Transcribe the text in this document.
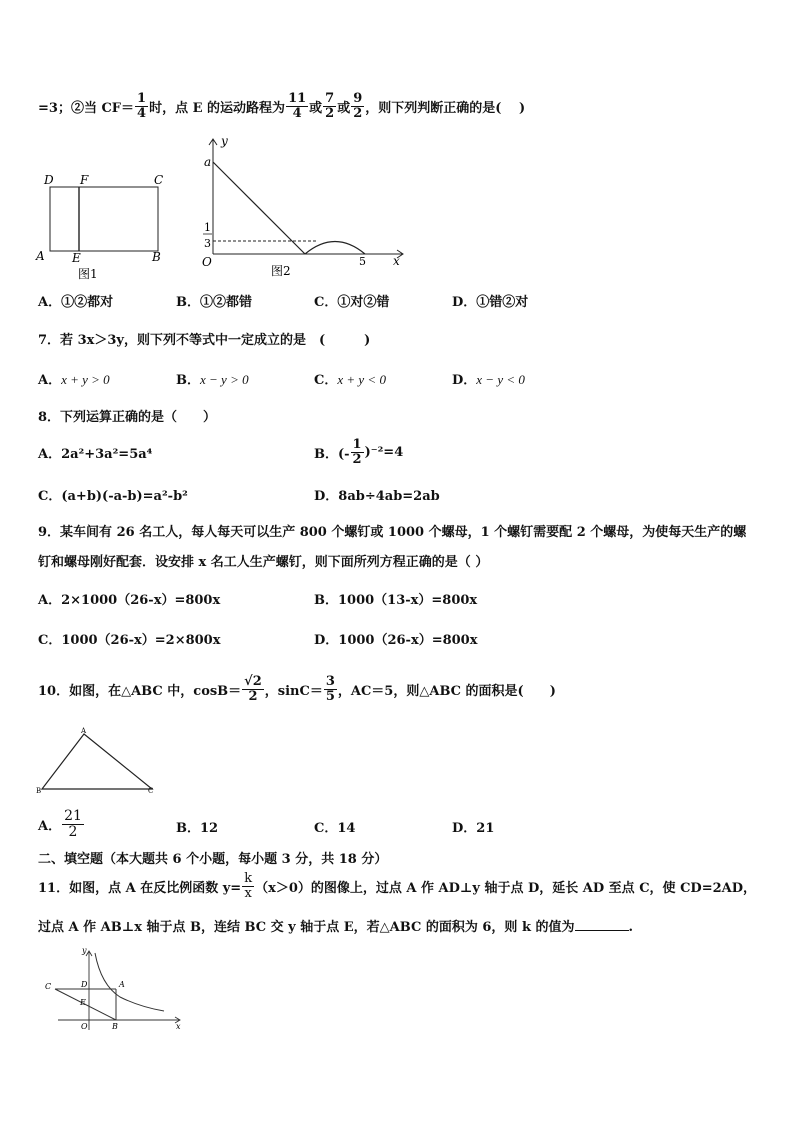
=3；②当 $CF= \frac{1}{4}$ 时，点 E 的运动路程为 $\frac{11}{4}$ 或 $\frac{7}{2}$ 或 $\frac{9}{2}$ ，则下列判断正确的是(　 )
D F	C
A E	B
图1
y
a
1
3
O	5 x
图2
A．①②都对	B．①②都错	C．①对②错	D．①错②对
7．若 3x＞3y，则下列不等式中一定成立的是　(　　　)
A．x + y > 0	B．x − y > 0	C．x + y < 0	D．x − y < 0
8．下列运算正确的是（　　）
A．2a²+3a²=5a⁴	B．(- $\frac{1}{2} )^{-2}=4$
C．(a+b)(-a-b)=a²-b²	D．8ab÷4ab=2ab
9．某车间有 26 名工人，每人每天可以生产 800 个螺钉或 1000 个螺母，1 个螺钉需要配 2 个螺母，为使每天生产的螺
钉和螺母刚好配套．设安排 x 名工人生产螺钉，则下面所列方程正确的是（ ）
A．2×1000（26-x）=800x	B．1000（13-x）=800x
C．1000（26-x）=2×800x	D．1000（26-x）=800x
10．如图，在△ABC 中，$\cos B= \frac{√2}{2}$ ，$\sin C= \frac{3}{5}$ ，AC＝5，则△ABC 的面积是(　　)
A
B	C
A． $\frac{21}{2}$	B．12	C．14	D．21
二、填空题（本大题共 6 个小题，每小题 3 分，共 18 分）
11．如图，点 A 在反比例函数 $y= \frac{k}{x} (x>0)$的图像上，过点 A 作 AD⊥y 轴于点 D，延长 AD 至点 C，使 CD=2AD，
过点 A 作 AB⊥x 轴于点 B，连结 BC 交 y 轴于点 E，若△ABC 的面积为 6，则 k 的值为	.
y
C	D	A
E
O	B	x
